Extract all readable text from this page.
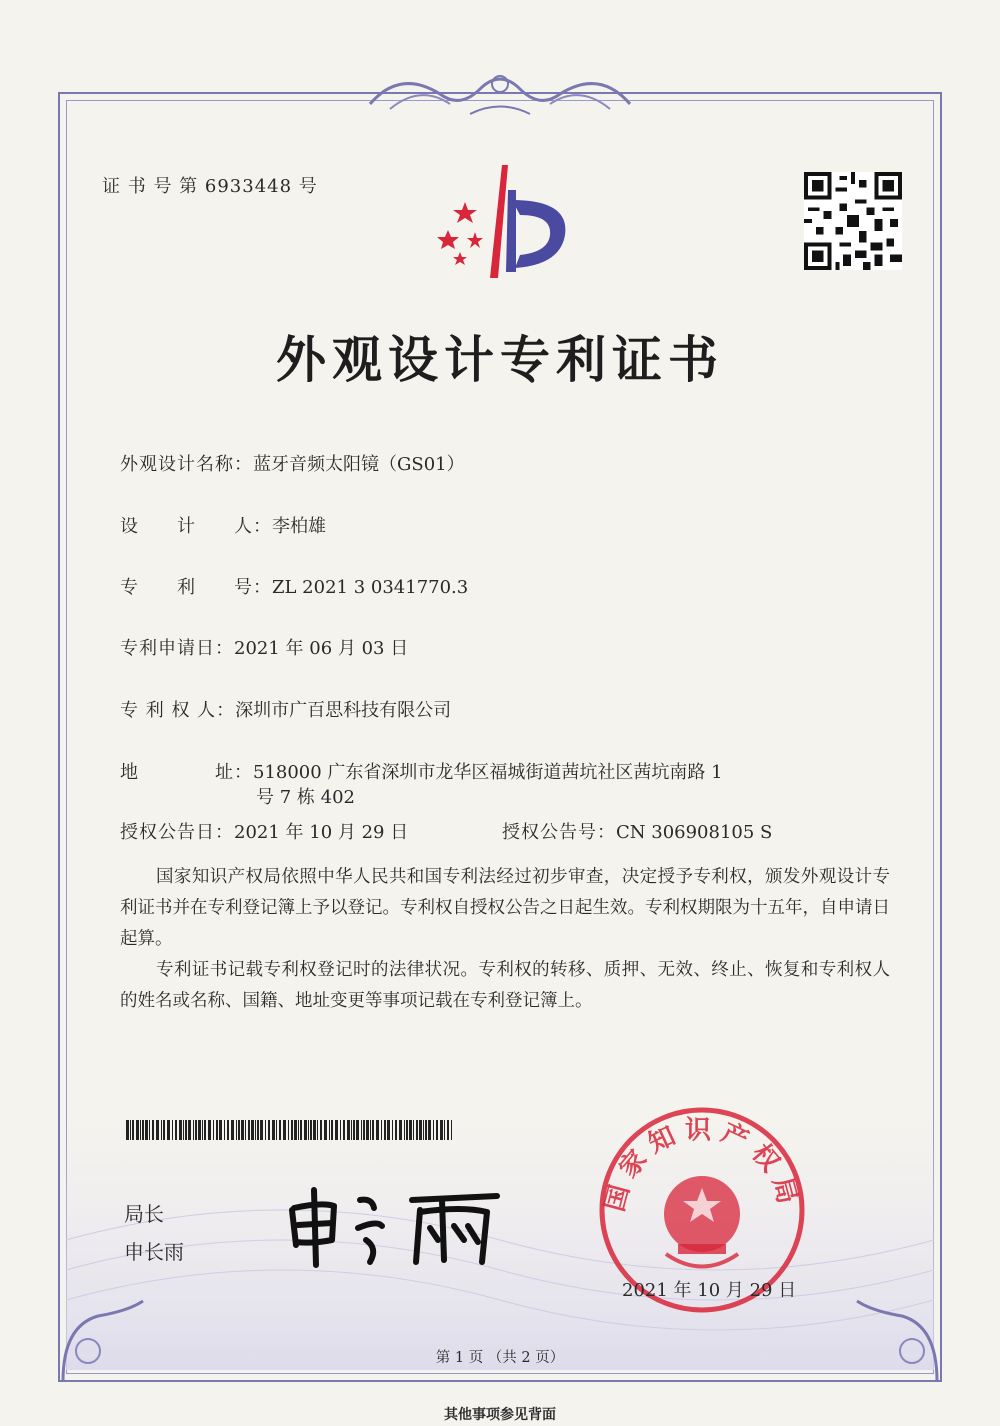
证 书 号 第 6933448 号
外观设计专利证书
外观设计名称：蓝牙音频太阳镜（GS01）
设　　计　　人：李柏雄
专　　利　　号：ZL 2021 3 0341770.3
专利申请日：2021 年 06 月 03 日
专 利 权 人：深圳市广百思科技有限公司
地　　　　址：518000 广东省深圳市龙华区福城街道茜坑社区茜坑南路 1
号 7 栋 402
授权公告日：2021 年 10 月 29 日	授权公告号：CN 306908105 S
国家知识产权局依照中华人民共和国专利法经过初步审查，决定授予专利权，颁发外观设计专利证书并在专利登记簿上予以登记。专利权自授权公告之日起生效。专利权期限为十五年，自申请日起算。
专利证书记载专利权登记时的法律状况。专利权的转移、质押、无效、终止、恢复和专利权人的姓名或名称、国籍、地址变更等事项记载在专利登记簿上。
局长
申长雨
国家知识产权局
2021 年 10 月 29 日
第 1 页 （共 2 页）
其他事项参见背面
